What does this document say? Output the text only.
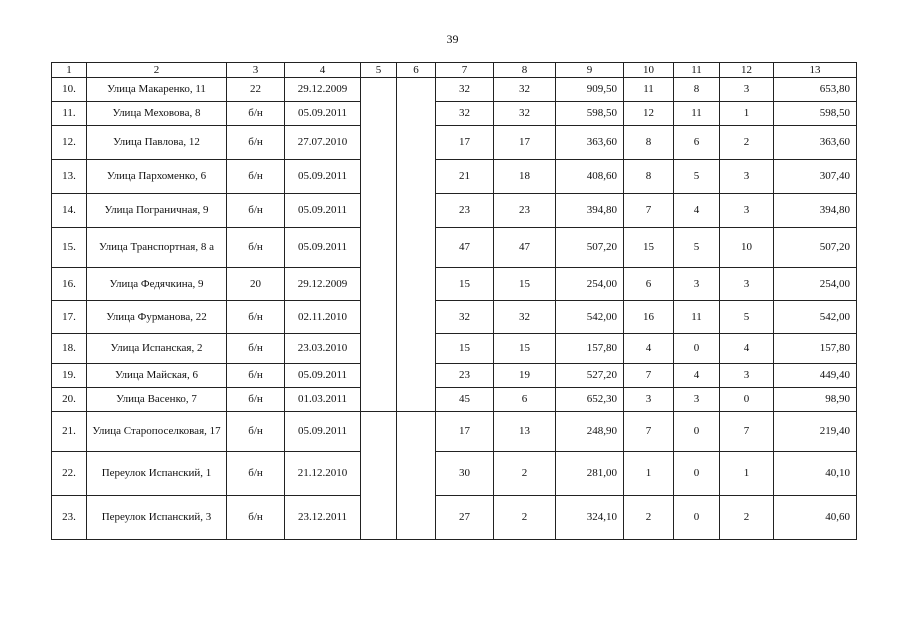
39
1	2	3	4	5	6	7	8	9	10	11	12	13
10.	Улица Макаренко, 11	22	29.12.2009			32	32	909,50	11	8	3	653,80
11.	Улица Меховова, 8	б/н	05.09.2011			32	32	598,50	12	11	1	598,50
12.	Улица Павлова, 12	б/н	27.07.2010			17	17	363,60	8	6	2	363,60
13.	Улица Пархоменко, 6	б/н	05.09.2011			21	18	408,60	8	5	3	307,40
14.	Улица Пограничная, 9	б/н	05.09.2011			23	23	394,80	7	4	3	394,80
15.	Улица Транспортная, 8 а	б/н	05.09.2011			47	47	507,20	15	5	10	507,20
16.	Улица Федячкина, 9	20	29.12.2009			15	15	254,00	6	3	3	254,00
17.	Улица Фурманова, 22	б/н	02.11.2010			32	32	542,00	16	11	5	542,00
18.	Улица Испанская, 2	б/н	23.03.2010			15	15	157,80	4	0	4	157,80
19.	Улица Майская, 6	б/н	05.09.2011			23	19	527,20	7	4	3	449,40
20.	Улица Васенко, 7	б/н	01.03.2011			45	6	652,30	3	3	0	98,90
21.	Улица Старопоселковая, 17	б/н	05.09.2011			17	13	248,90	7	0	7	219,40
22.	Переулок Испанский, 1	б/н	21.12.2010			30	2	281,00	1	0	1	40,10
23.	Переулок Испанский, 3	б/н	23.12.2011			27	2	324,10	2	0	2	40,60
